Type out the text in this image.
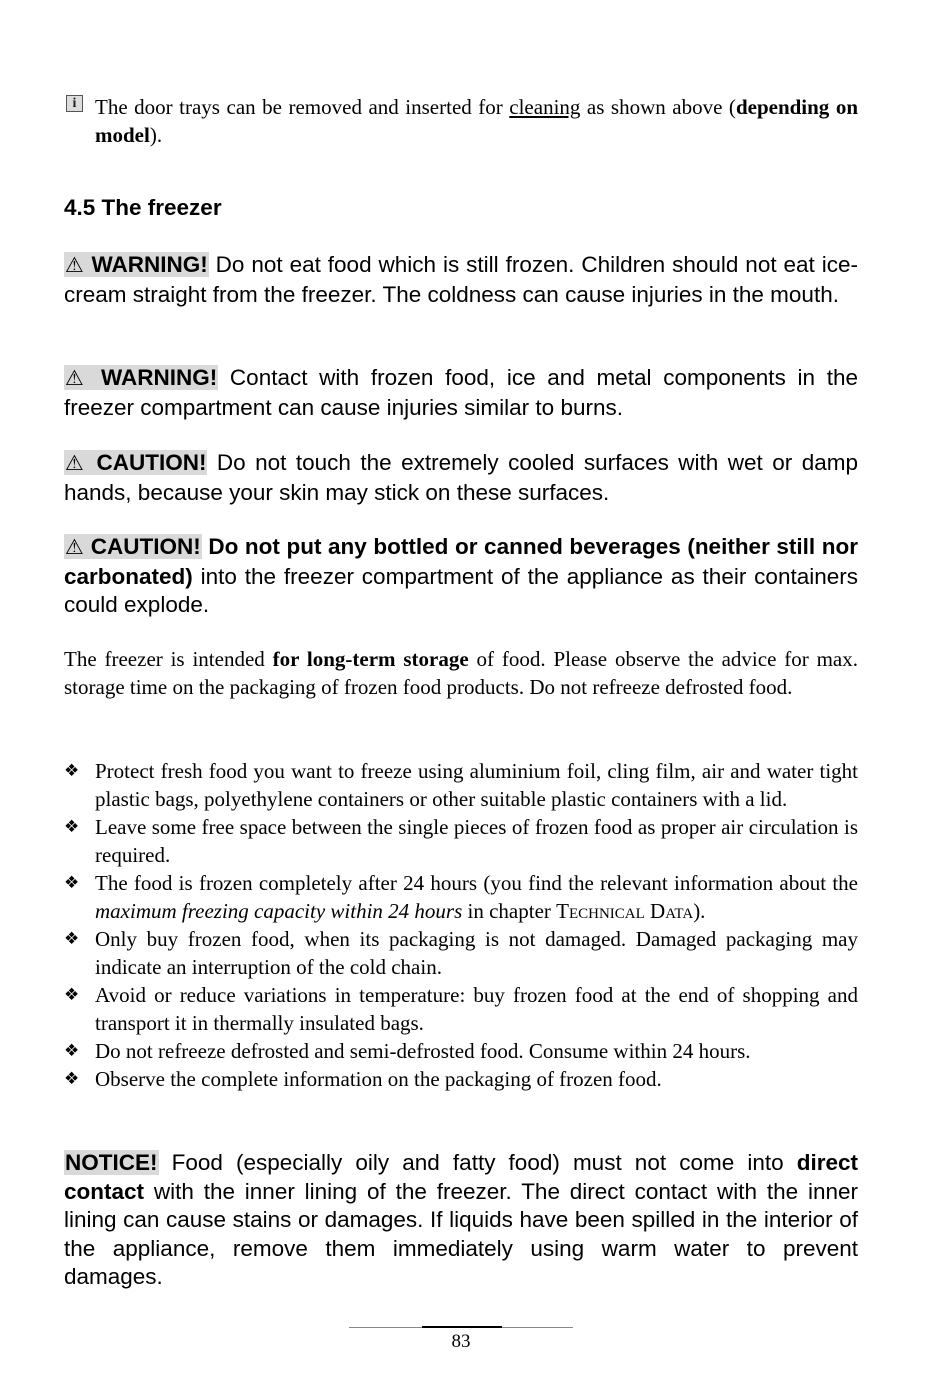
i The door trays can be removed and inserted for cleaning as shown above (depending on model).
4.5 The freezer
⚠ WARNING! Do not eat food which is still frozen. Children should not eat ice-cream straight from the freezer. The coldness can cause injuries in the mouth.
⚠ WARNING! Contact with frozen food, ice and metal components in the freezer compartment can cause injuries similar to burns.
⚠ CAUTION! Do not touch the extremely cooled surfaces with wet or damp hands, because your skin may stick on these surfaces.
⚠ CAUTION! Do not put any bottled or canned beverages (neither still nor carbonated) into the freezer compartment of the appliance as their containers could explode.
The freezer is intended for long-term storage of food. Please observe the advice for max. storage time on the packaging of frozen food products. Do not refreeze defrosted food.
❖ Protect fresh food you want to freeze using aluminium foil, cling film, air and water tight plastic bags, polyethylene containers or other suitable plastic containers with a lid.
❖ Leave some free space between the single pieces of frozen food as proper air circulation is required.
❖ The food is frozen completely after 24 hours (you find the relevant information about the maximum freezing capacity within 24 hours in chapter Technical Data).
❖ Only buy frozen food, when its packaging is not damaged. Damaged packaging may indicate an interruption of the cold chain.
❖ Avoid or reduce variations in temperature: buy frozen food at the end of shopping and transport it in thermally insulated bags.
❖ Do not refreeze defrosted and semi-defrosted food. Consume within 24 hours.
❖ Observe the complete information on the packaging of frozen food.
NOTICE! Food (especially oily and fatty food) must not come into direct contact with the inner lining of the freezer. The direct contact with the inner lining can cause stains or damages. If liquids have been spilled in the interior of the appliance, remove them immediately using warm water to prevent damages.
83
